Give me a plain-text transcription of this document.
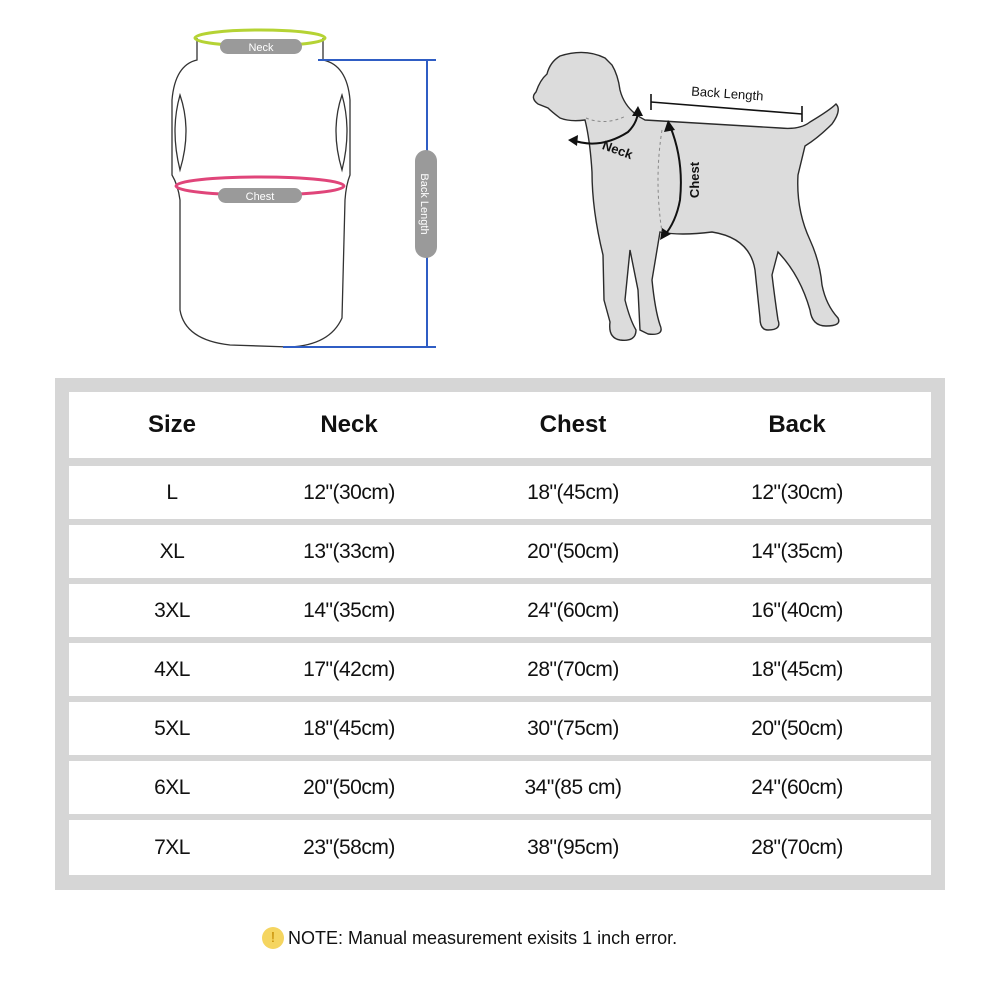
Neck
Chest	Back Length
Back Length
Neck
Chest
Size	Neck	Chest	Back
L	12"(30cm)	18"(45cm)	12"(30cm)
XL	13"(33cm)	20"(50cm)	14"(35cm)
3XL	14"(35cm)	24"(60cm)	16"(40cm)
4XL	17"(42cm)	28"(70cm)	18"(45cm)
5XL	18"(45cm)	30"(75cm)	20"(50cm)
6XL	20"(50cm)	34"(85 cm)	24"(60cm)
7XL	23"(58cm)	38"(95cm)	28"(70cm)
! NOTE: Manual measurement exisits 1 inch error.
